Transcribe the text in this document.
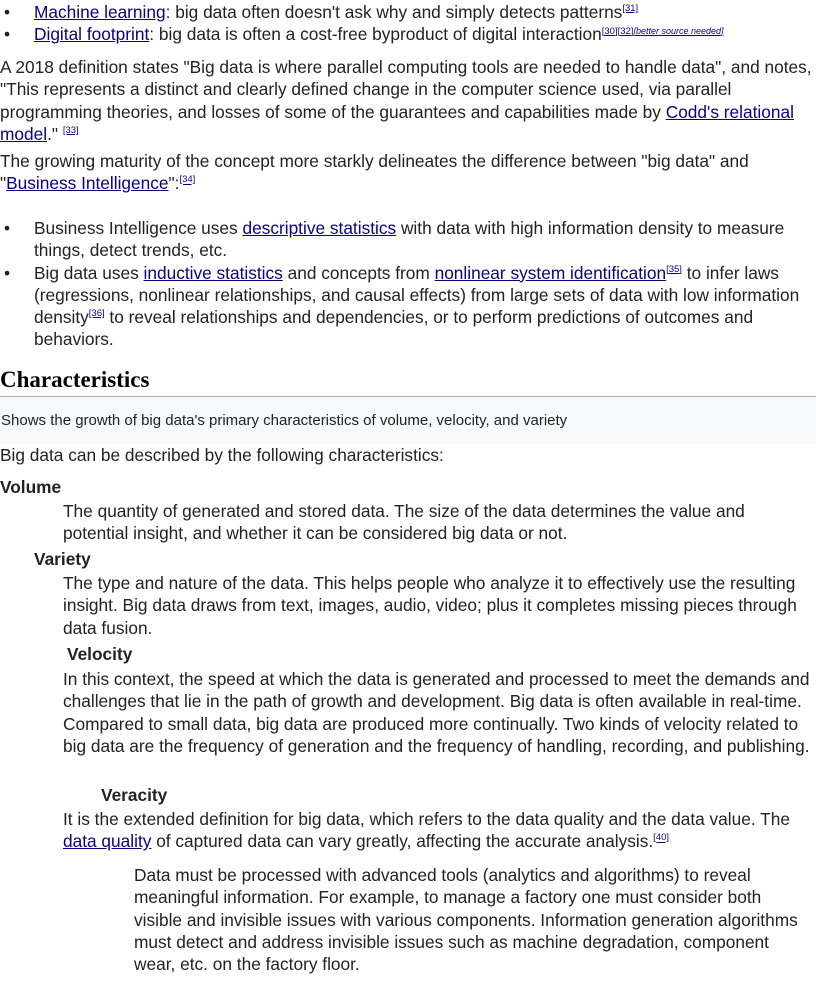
• Machine learning: big data often doesn't ask why and simply detects patterns[31]
• Digital footprint: big data is often a cost-free byproduct of digital interaction[30][32][better source needed]

A 2018 definition states "Big data is where parallel computing tools are needed to handle data", and notes, "This represents a distinct and clearly defined change in the computer science used, via parallel programming theories, and losses of some of the guarantees and capabilities made by Codd's relational model." [33]

The growing maturity of the concept more starkly delineates the difference between "big data" and "Business Intelligence":[34]

• Business Intelligence uses descriptive statistics with data with high information density to measure things, detect trends, etc.
• Big data uses inductive statistics and concepts from nonlinear system identification[35] to infer laws (regressions, nonlinear relationships, and causal effects) from large sets of data with low information density[36] to reveal relationships and dependencies, or to perform predictions of outcomes and behaviors.
Characteristics
Shows the growth of big data's primary characteristics of volume, velocity, and variety

Big data can be described by the following characteristics:

Volume

The quantity of generated and stored data. The size of the data determines the value and potential insight, and whether it can be considered big data or not.

Variety

The type and nature of the data. This helps people who analyze it to effectively use the resulting insight. Big data draws from text, images, audio, video; plus it completes missing pieces through data fusion.

Velocity

In this context, the speed at which the data is generated and processed to meet the demands and challenges that lie in the path of growth and development. Big data is often available in real-time. Compared to small data, big data are produced more continually. Two kinds of velocity related to big data are the frequency of generation and the frequency of handling, recording, and publishing.

Veracity

It is the extended definition for big data, which refers to the data quality and the data value. The data quality of captured data can vary greatly, affecting the accurate analysis.[40]

Data must be processed with advanced tools (analytics and algorithms) to reveal meaningful information. For example, to manage a factory one must consider both visible and invisible issues with various components. Information generation algorithms must detect and address invisible issues such as machine degradation, component wear, etc. on the factory floor.
